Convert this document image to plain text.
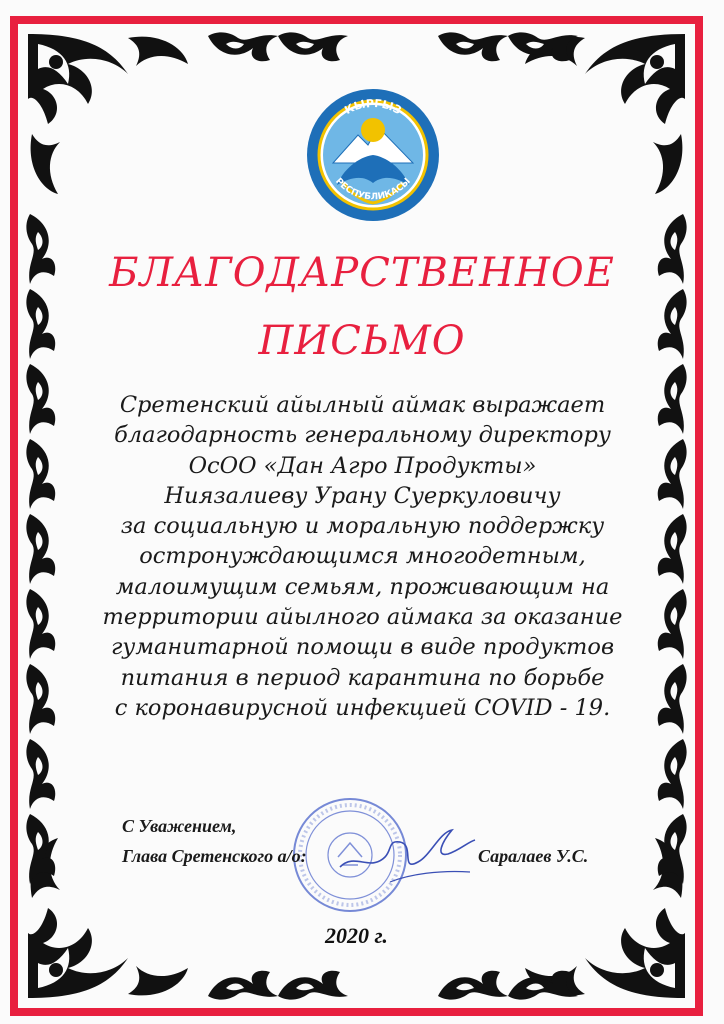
КЫРГЫЗ
РЕСПУБЛИКАСЫ
БЛАГОДАРСТВЕННОЕ
ПИСЬМО
Сретенский айылный аймак выражает
благодарность генеральному директору
ОсОО «Дан Агро Продукты»
Ниязалиеву Урану Суеркуловичу
за социальную и моральную поддержку
остронуждающимся многодетным,
малоимущим семьям, проживающим на
территории айылного аймака за оказание
гуманитарной помощи в виде продуктов
питания в период карантина по борьбе
с коронавирусной инфекцией COVID - 19.
С Уважением,
Глава Сретенского а/о:	Саралаев У.С.
2020 г.
